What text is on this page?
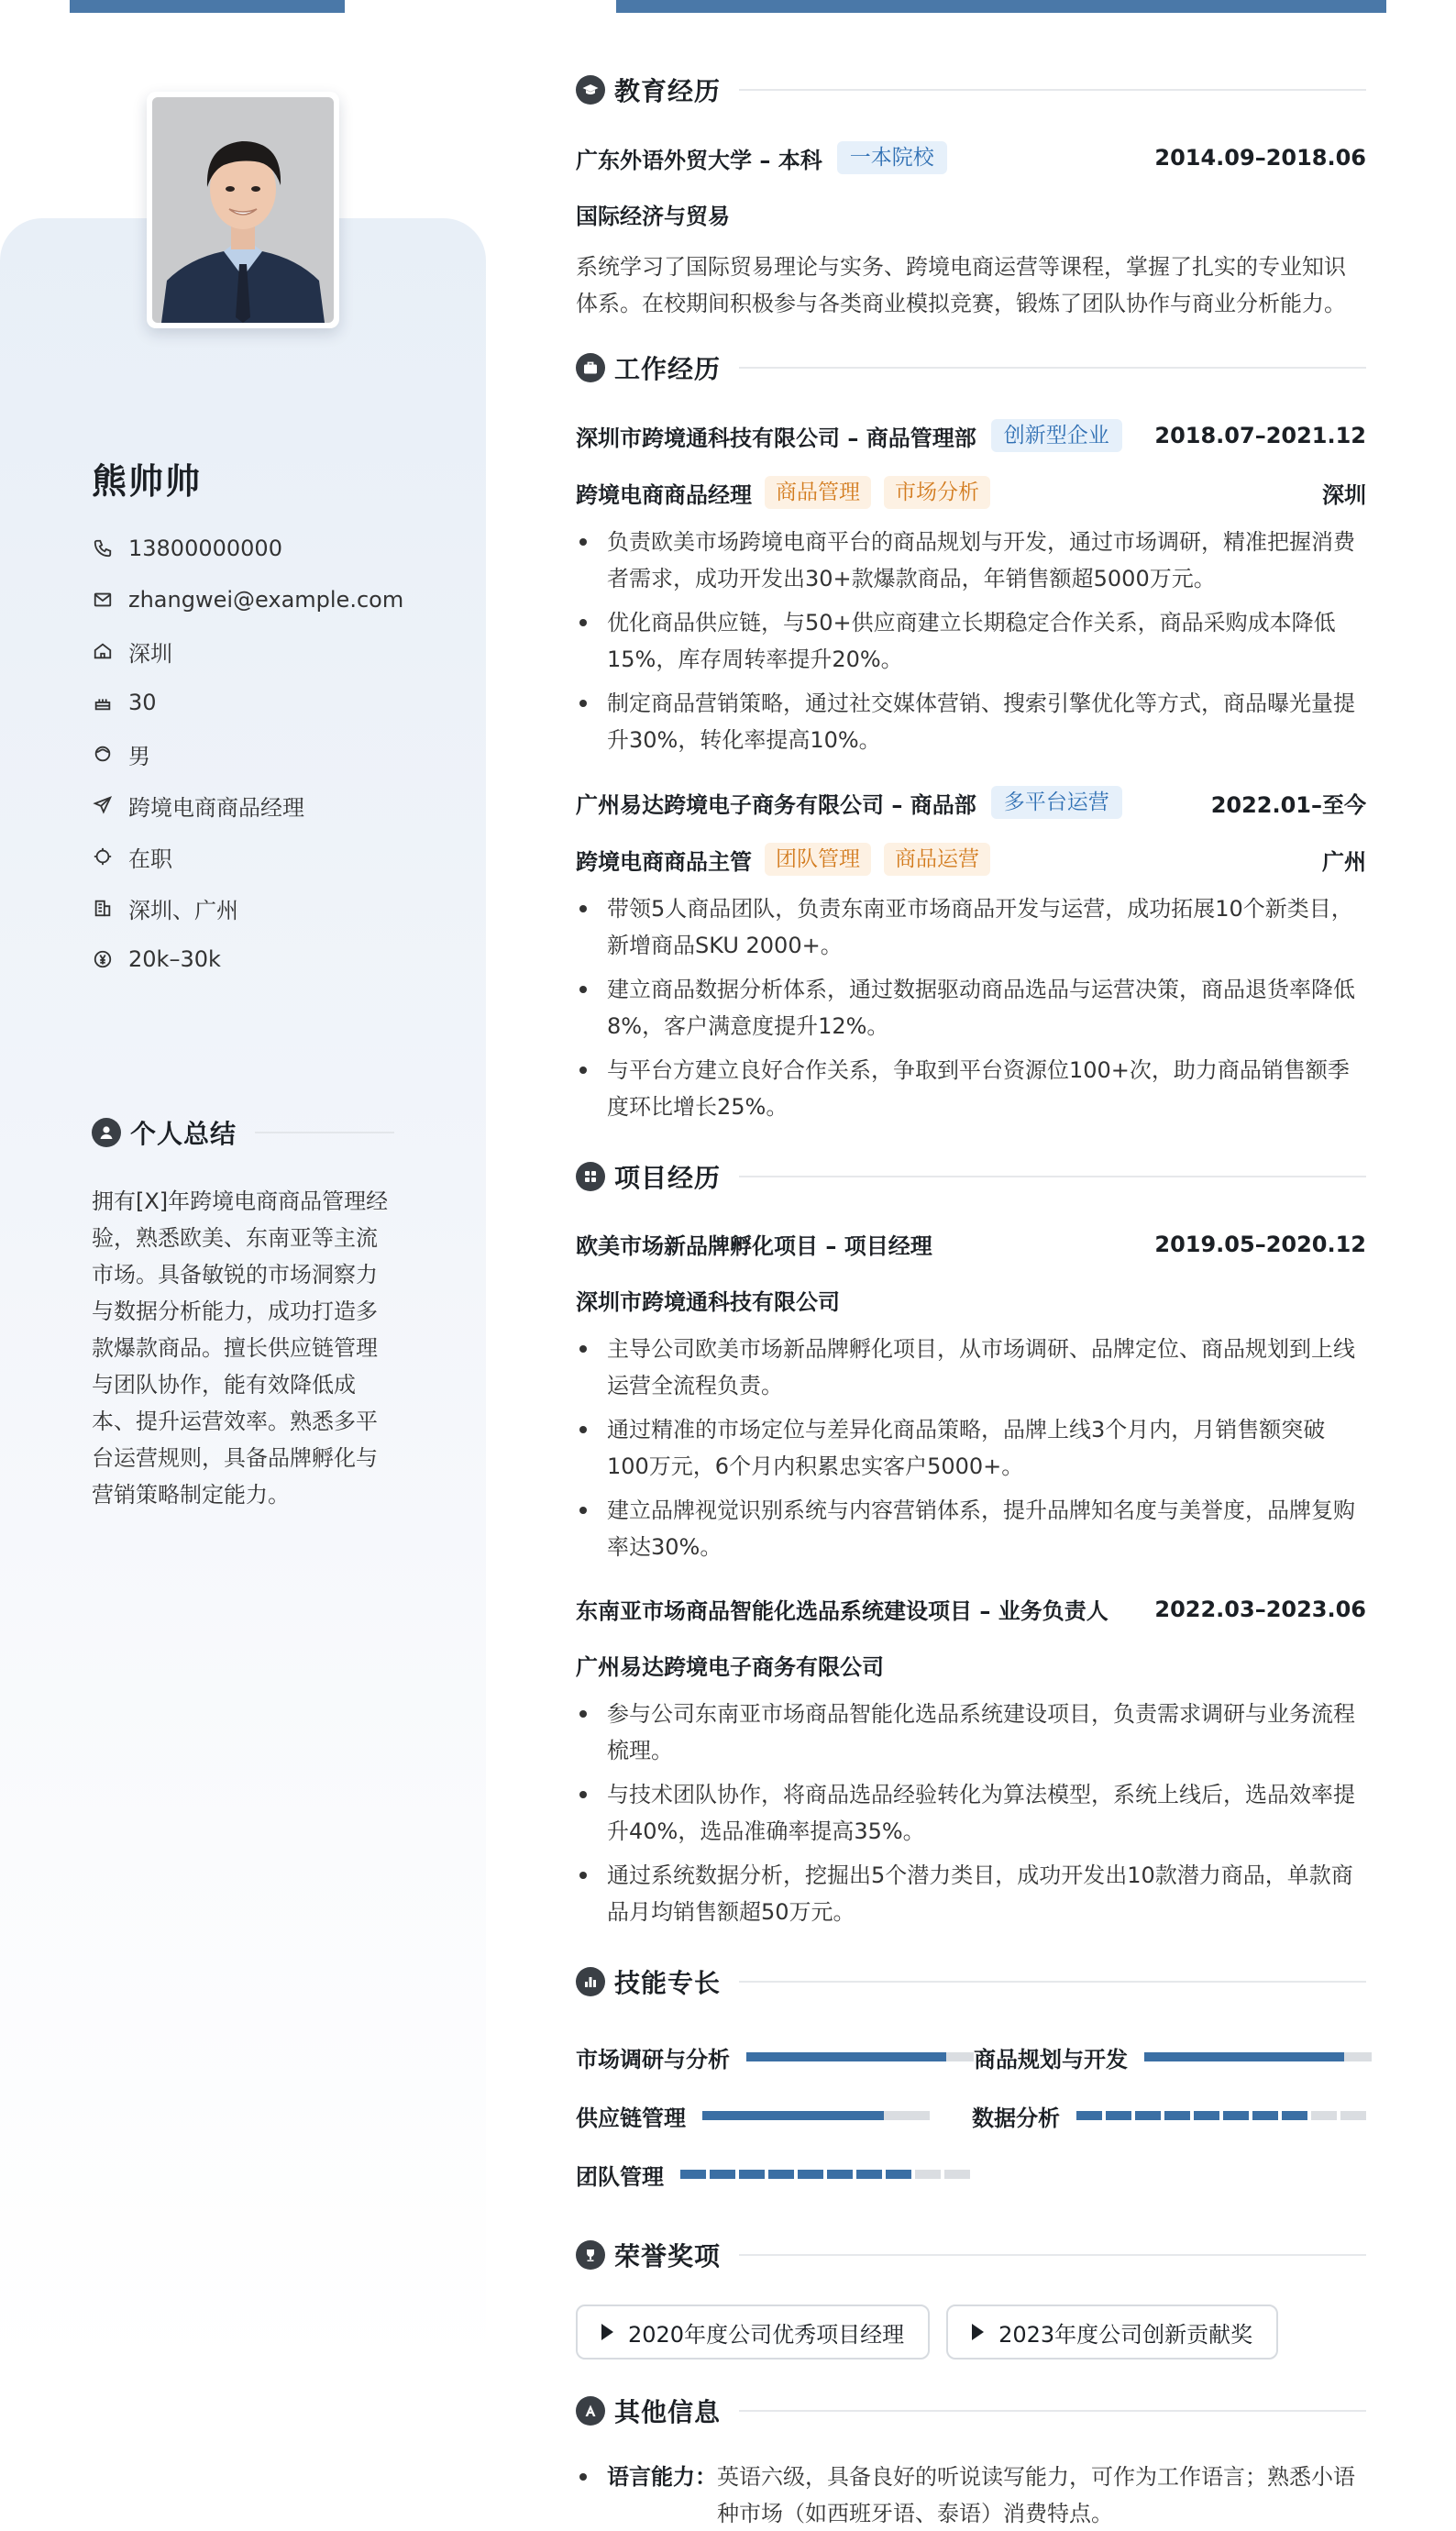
熊帅帅
13800000000
zhangwei@example.com
深圳
30
男
跨境电商商品经理
在职
深圳、广州
20k–30k
个人总结
拥有[X]年跨境电商商品管理经验，熟悉欧美、东南亚等主流市场。具备敏锐的市场洞察力与数据分析能力，成功打造多款爆款商品。擅长供应链管理与团队协作，能有效降低成本、提升运营效率。熟悉多平台运营规则，具备品牌孵化与营销策略制定能力。
教育经历
广东外语外贸大学 – 本科	一本院校	2014.09–2018.06
国际经济与贸易
系统学习了国际贸易理论与实务、跨境电商运营等课程，掌握了扎实的专业知识体系。在校期间积极参与各类商业模拟竞赛，锻炼了团队协作与商业分析能力。
工作经历
深圳市跨境通科技有限公司 – 商品管理部	创新型企业	2018.07–2021.12
跨境电商商品经理	商品管理	市场分析	深圳
负责欧美市场跨境电商平台的商品规划与开发，通过市场调研，精准把握消费者需求，成功开发出30+款爆款商品，年销售额超5000万元。
优化商品供应链，与50+供应商建立长期稳定合作关系，商品采购成本降低15%，库存周转率提升20%。
制定商品营销策略，通过社交媒体营销、搜索引擎优化等方式，商品曝光量提升30%，转化率提高10%。
广州易达跨境电子商务有限公司 – 商品部	多平台运营	2022.01–至今
跨境电商商品主管	团队管理	商品运营	广州
带领5人商品团队，负责东南亚市场商品开发与运营，成功拓展10个新类目，新增商品SKU 2000+。
建立商品数据分析体系，通过数据驱动商品选品与运营决策，商品退货率降低8%，客户满意度提升12%。
与平台方建立良好合作关系，争取到平台资源位100+次，助力商品销售额季度环比增长25%。
项目经历
欧美市场新品牌孵化项目 – 项目经理	2019.05–2020.12
深圳市跨境通科技有限公司
主导公司欧美市场新品牌孵化项目，从市场调研、品牌定位、商品规划到上线运营全流程负责。
通过精准的市场定位与差异化商品策略，品牌上线3个月内，月销售额突破100万元，6个月内积累忠实客户5000+。
建立品牌视觉识别系统与内容营销体系，提升品牌知名度与美誉度，品牌复购率达30%。
东南亚市场商品智能化选品系统建设项目 – 业务负责人 2022.03–2023.06
广州易达跨境电子商务有限公司
参与公司东南亚市场商品智能化选品系统建设项目，负责需求调研与业务流程梳理。
与技术团队协作，将商品选品经验转化为算法模型，系统上线后，选品效率提升40%，选品准确率提高35%。
通过系统数据分析，挖掘出5个潜力类目，成功开发出10款潜力商品，单款商品月均销售额超50万元。
技能专长
市场调研与分析	商品规划与开发
供应链管理	数据分析
团队管理
荣誉奖项
2020年度公司优秀项目经理	2023年度公司创新贡献奖
其他信息
语言能力： 英语六级，具备良好的听说读写能力，可作为工作语言；熟悉小语种市场（如西班牙语、泰语）消费特点。
